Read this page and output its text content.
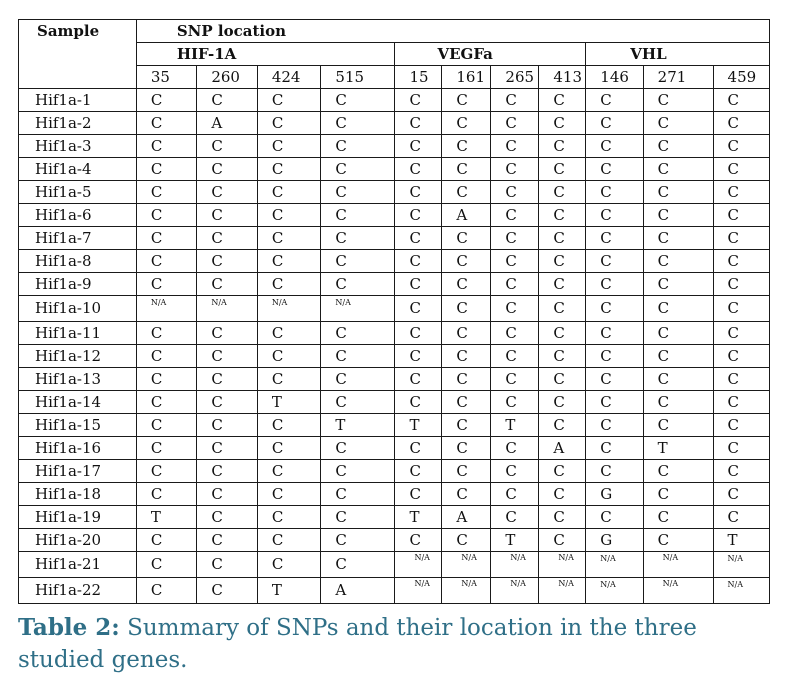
Sample	SNP location										
	HIF-1A				VEGFa				VHL		
	35	260	424	515	15	161	265	413	146	271	459
Hif1a-1	C	C	C	C	C	C	C	C	C	C	C
Hif1a-2	C	A	C	C	C	C	C	C	C	C	C
Hif1a-3	C	C	C	C	C	C	C	C	C	C	C
Hif1a-4	C	C	C	C	C	C	C	C	C	C	C
Hif1a-5	C	C	C	C	C	C	C	C	C	C	C
Hif1a-6	C	C	C	C	C	A	C	C	C	C	C
Hif1a-7	C	C	C	C	C	C	C	C	C	C	C
Hif1a-8	C	C	C	C	C	C	C	C	C	C	C
Hif1a-9	C	C	C	C	C	C	C	C	C	C	C
Hif1a-10	N/A	N/A	N/A	N/A	C	C	C	C	C	C	C
Hif1a-11	C	C	C	C	C	C	C	C	C	C	C
Hif1a-12	C	C	C	C	C	C	C	C	C	C	C
Hif1a-13	C	C	C	C	C	C	C	C	C	C	C
Hif1a-14	C	C	T	C	C	C	C	C	C	C	C
Hif1a-15	C	C	C	T	T	C	T	C	C	C	C
Hif1a-16	C	C	C	C	C	C	C	A	C	T	C
Hif1a-17	C	C	C	C	C	C	C	C	C	C	C
Hif1a-18	C	C	C	C	C	C	C	C	G	C	C
Hif1a-19	T	C	C	C	T	A	C	C	C	C	C
Hif1a-20	C	C	C	C	C	C	T	C	G	C	T
Hif1a-21	C	C	C	C	N/A	N/A	N/A	N/A	N/A	N/A	N/A
Hif1a-22	C	C	T	A	N/A	N/A	N/A	N/A	N/A	N/A	N/A

Table 2: Summary of SNPs and their location in the three studied genes.
